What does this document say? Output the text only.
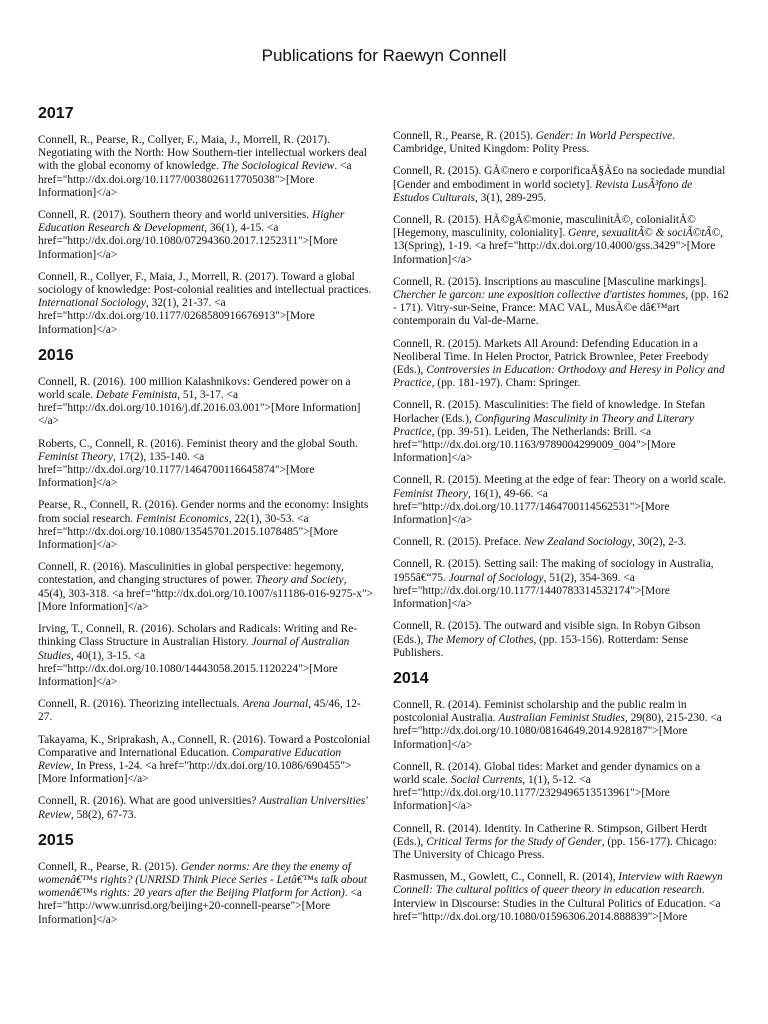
Publications for Raewyn Connell
2017
Connell, R., Pearse, R., Collyer, F., Maia, J., Morrell, R. (2017). Negotiating with the North: How Southern-tier intellectual workers deal with the global economy of knowledge. The Sociological Review. <a href="http://dx.doi.org/10.1177/0038026117705038">[More Information]</a>
Connell, R. (2017). Southern theory and world universities. Higher Education Research & Development, 36(1), 4-15. <a href="http://dx.doi.org/10.1080/07294360.2017.1252311">[More Information]</a>
Connell, R., Collyer, F., Maia, J., Morrell, R. (2017). Toward a global sociology of knowledge: Post-colonial realities and intellectual practices. International Sociology, 32(1), 21-37. <a href="http://dx.doi.org/10.1177/0268580916676913">[More Information]</a>
2016
Connell, R. (2016). 100 million Kalashnikovs: Gendered power on a world scale. Debate Feminista, 51, 3-17. <a href="http://dx.doi.org/10.1016/j.df.2016.03.001">[More Information]</a>
Roberts, C., Connell, R. (2016). Feminist theory and the global South. Feminist Theory, 17(2), 135-140. <a href="http://dx.doi.org/10.1177/1464700116645874">[More Information]</a>
Pearse, R., Connell, R. (2016). Gender norms and the economy: Insights from social research. Feminist Economics, 22(1), 30-53. <a href="http://dx.doi.org/10.1080/13545701.2015.1078485">[More Information]</a>
Connell, R. (2016). Masculinities in global perspective: hegemony, contestation, and changing structures of power. Theory and Society, 45(4), 303-318. <a href="http://dx.doi.org/10.1007/s11186-016-9275-x">[More Information]</a>
Irving, T., Connell, R. (2016). Scholars and Radicals: Writing and Re-thinking Class Structure in Australian History. Journal of Australian Studies, 40(1), 3-15. <a href="http://dx.doi.org/10.1080/14443058.2015.1120224">[More Information]</a>
Connell, R. (2016). Theorizing intellectuals. Arena Journal, 45/46, 12-27.
Takayama, K., Sriprakash, A., Connell, R. (2016). Toward a Postcolonial Comparative and International Education. Comparative Education Review, In Press, 1-24. <a href="http://dx.doi.org/10.1086/690455">[More Information]</a>
Connell, R. (2016). What are good universities? Australian Universities' Review, 58(2), 67-73.
2015
Connell, R., Pearse, R. (2015). Gender norms: Are they the enemy of womenâ€™s rights? (UNRISD Think Piece Series - Letâ€™s talk about womenâ€™s rights: 20 years after the Beijing Platform for Action). <a href="http://www.unrisd.org/beijing+20-connell-pearse">[More Information]</a>
Connell, R., Pearse, R. (2015). Gender: In World Perspective. Cambridge, United Kingdom: Polity Press.
Connell, R. (2015). GÃ©nero e corporificaÃ§Ã£o na sociedade mundial [Gender and embodiment in world society]. Revista LusÃ³fono de Estudos Culturais, 3(1), 289-295.
Connell, R. (2015). HÃ©gÃ©monie, masculinitÃ©, colonialitÃ© [Hegemony, masculinity, coloniality]. Genre, sexualitÃ© & sociÃ©tÃ©, 13(Spring), 1-19. <a href="http://dx.doi.org/10.4000/gss.3429">[More Information]</a>
Connell, R. (2015). Inscriptions au masculine [Masculine markings]. Chercher le garcon: une exposition collective d'artistes hommes, (pp. 162 - 171). Vitry-sur-Seine, France: MAC VAL, MusÃ©e dâ€™art contemporain du Val-de-Marne.
Connell, R. (2015). Markets All Around: Defending Education in a Neoliberal Time. In Helen Proctor, Patrick Brownlee, Peter Freebody (Eds.), Controversies in Education: Orthodoxy and Heresy in Policy and Practice, (pp. 181-197). Cham: Springer.
Connell, R. (2015). Masculinities: The field of knowledge. In Stefan Horlacher (Eds.), Configuring Masculinity in Theory and Literary Practice, (pp. 39-51). Leiden, The Netherlands: Brill. <a href="http://dx.doi.org/10.1163/9789004299009_004">[More Information]</a>
Connell, R. (2015). Meeting at the edge of fear: Theory on a world scale. Feminist Theory, 16(1), 49-66. <a href="http://dx.doi.org/10.1177/1464700114562531">[More Information]</a>
Connell, R. (2015). Preface. New Zealand Sociology, 30(2), 2-3.
Connell, R. (2015). Setting sail: The making of sociology in Australia, 1955â€“75. Journal of Sociology, 51(2), 354-369. <a href="http://dx.doi.org/10.1177/1440783314532174">[More Information]</a>
Connell, R. (2015). The outward and visible sign. In Robyn Gibson (Eds.), The Memory of Clothes, (pp. 153-156). Rotterdam: Sense Publishers.
2014
Connell, R. (2014). Feminist scholarship and the public realm in postcolonial Australia. Australian Feminist Studies, 29(80), 215-230. <a href="http://dx.doi.org/10.1080/08164649.2014.928187">[More Information]</a>
Connell, R. (2014). Global tides: Market and gender dynamics on a world scale. Social Currents, 1(1), 5-12. <a href="http://dx.doi.org/10.1177/2329496513513961">[More Information]</a>
Connell, R. (2014). Identity. In Catherine R. Stimpson, Gilbert Herdt (Eds.), Critical Terms for the Study of Gender, (pp. 156-177). Chicago: The University of Chicago Press.
Rasmussen, M., Gowlett, C., Connell, R. (2014), Interview with Raewyn Connell: The cultural politics of queer theory in education research. Interview in Discourse: Studies in the Cultural Politics of Education. <a href="http://dx.doi.org/10.1080/01596306.2014.888839">[More
